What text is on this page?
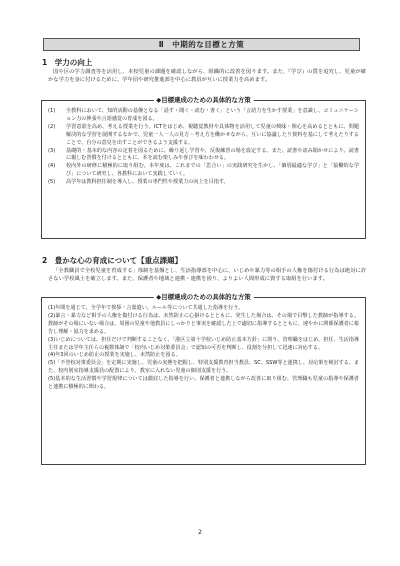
Ⅱ　中期的な目標と方策
1　学力の向上
国や区の学力調査等を活用し、本校児童の課題を確認しながら、組織的に改善を図ります。また、『学び』の質を追究し、児童が確かな学力を身に付けるために、学年団や研究推進部を中心に教員が互いに授業力を高めます。
◆目標達成のための具体的な方策
(1)	全教科において、知的活動の基盤となる「話す・聞く・読む・書く」という「言語力を生かす授業」を意識し、コミュニケーション力の伸張や言語感覚の育成を図る。
(2)	学習意欲を高め、考える授業を行う。ICTをはじめ、視聴覚教材や具体物を活用して児童の興味・関心を高めるとともに、問題解決的な学習を展開するなかで、児童一人一人の見方・考え方を働かせながら、互いに協議したり資料を基にして考えたりすることで、自分の意見を出すことができるよう支援する。
(3)	基礎的・基本的な内容の定着を図るために、繰り返し学習や、反復練習の場を設定する。また、読書や読み聞かせにより、読書に親しむ習慣を付けるとともに、本を読む楽しみや喜びを味わわせる。
(4)	校内外の研修に積極的に取り組む。本年度は、これまでの「思合い」の実践研究を生かし、「個別最適な学び」と「協働的な学び」について研究し、各教科において実践していく。
(5)	高学年は教科担任制を導入し、授業の専門性や授業力の向上を目指す。
2　豊かな心の育成について【重点課題】
「全教職員で全校児童を育成する」体制を基盤とし、生活指導部を中心に、いじめや暴力等の相手の人権を傷付ける行為は絶対に許さない学校風土を確立します。また、保護者や地域と連携・連携を図り、よりよい人間形成に資する取組を行います。
◆目標達成のための具体的な方策
(1)年間を通じて、全学年で挨拶・言葉遣い、ルール等について共通した指導を行う。
(2)暴言・暴力など相手の人権を傷付ける行為は、未然防止に心掛けるとともに、発生した場合は、その場で目撃した教師が指導する。教師がその場にいない場合は、周囲の児童や他教員にしっかりと事実を確認した上で適切に指導するとともに、速やかに関係保護者に報告し理解・協力を求める。
(3)いじめについては、担任だけで判断することなく、「港区立第十学校いじめ防止基本方針」に則り、管理職をはじめ、担任、生活指導主任または学年主任らの複数体制で「校内いじめ対策委員会」で認知の可否を判断し、役割を分担して迅速に対応する。
(4)年3回のいじめ防止の授業を実施し、未然防止を図る。
(5)「不登校対策委員会」を定期に実施し、児童の実態を把握し、特別支援教育担当教員、SC、SSW等と連携し、対応策を検討する。また、校内別室指導支援員の配置により、教室に入れない児童の個別支援を行う。
(5)基本的な生活習慣や学習規律については徹底した指導を行い、保護者と連携しながら改善に取り組む。管理職も児童の指導や保護者と連携に積極的に関わる。
2
